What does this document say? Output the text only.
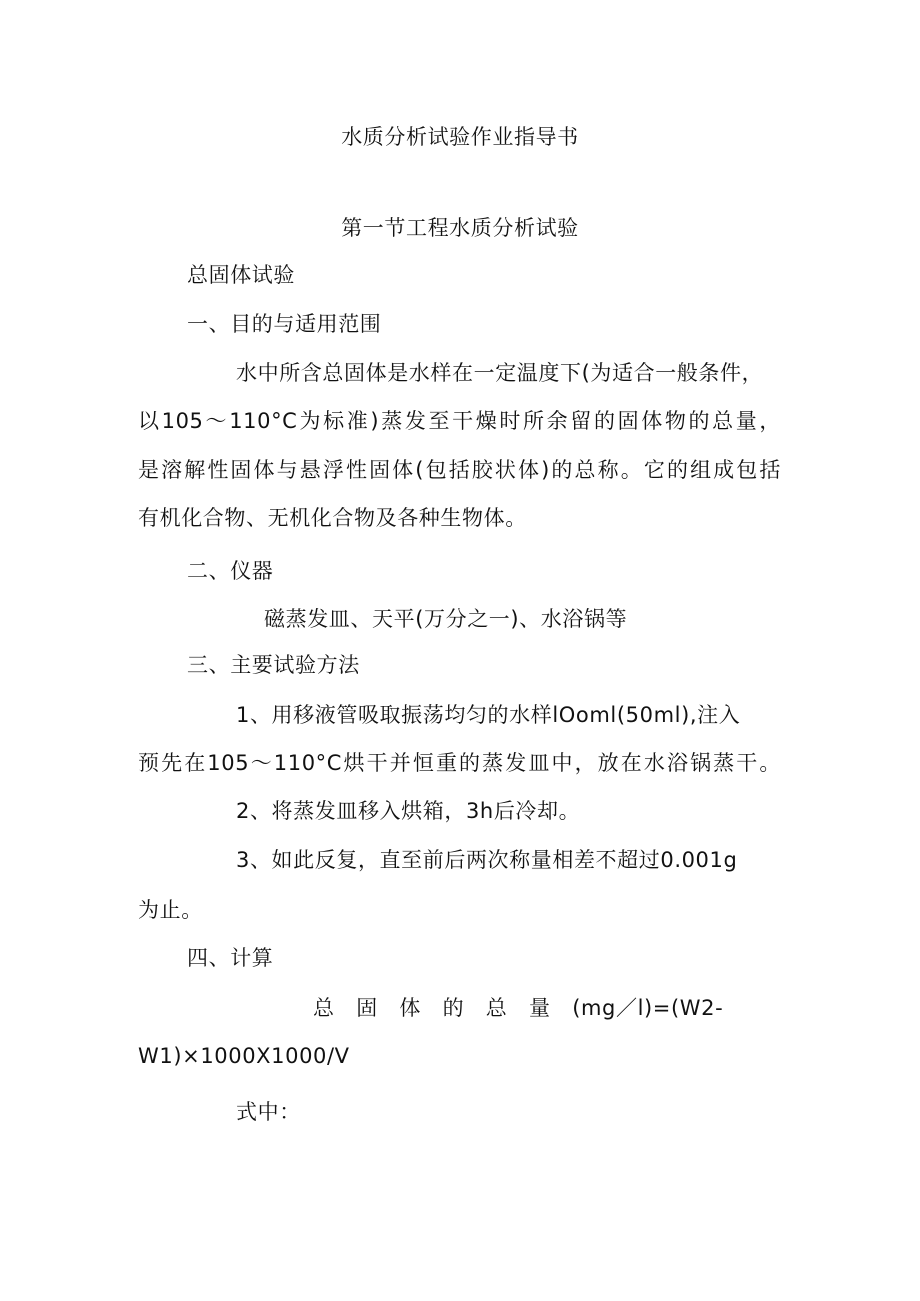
水质分析试验作业指导书
第一节工程水质分析试验
总固体试验
一、目的与适用范围
水中所含总固体是水样在一定温度下(为适合一般条件，
以105～110°C为标准)蒸发至干燥时所余留的固体物的总量，
是溶解性固体与悬浮性固体(包括胶状体)的总称。它的组成包括
有机化合物、无机化合物及各种生物体。
二、仪器
磁蒸发皿、天平(万分之一)、水浴锅等
三、主要试验方法
1、用移液管吸取振荡均匀的水样lOoml(50ml),注入
预先在105～110°C烘干并恒重的蒸发皿中，放在水浴锅蒸干。
2、将蒸发皿移入烘箱，3h后冷却。
3、如此反复，直至前后两次称量相差不超过0.001g
为止。
四、计算
总　固　体　的　总　量　(mg／l)=(W2-
W1)×1000X1000/V
式中：
